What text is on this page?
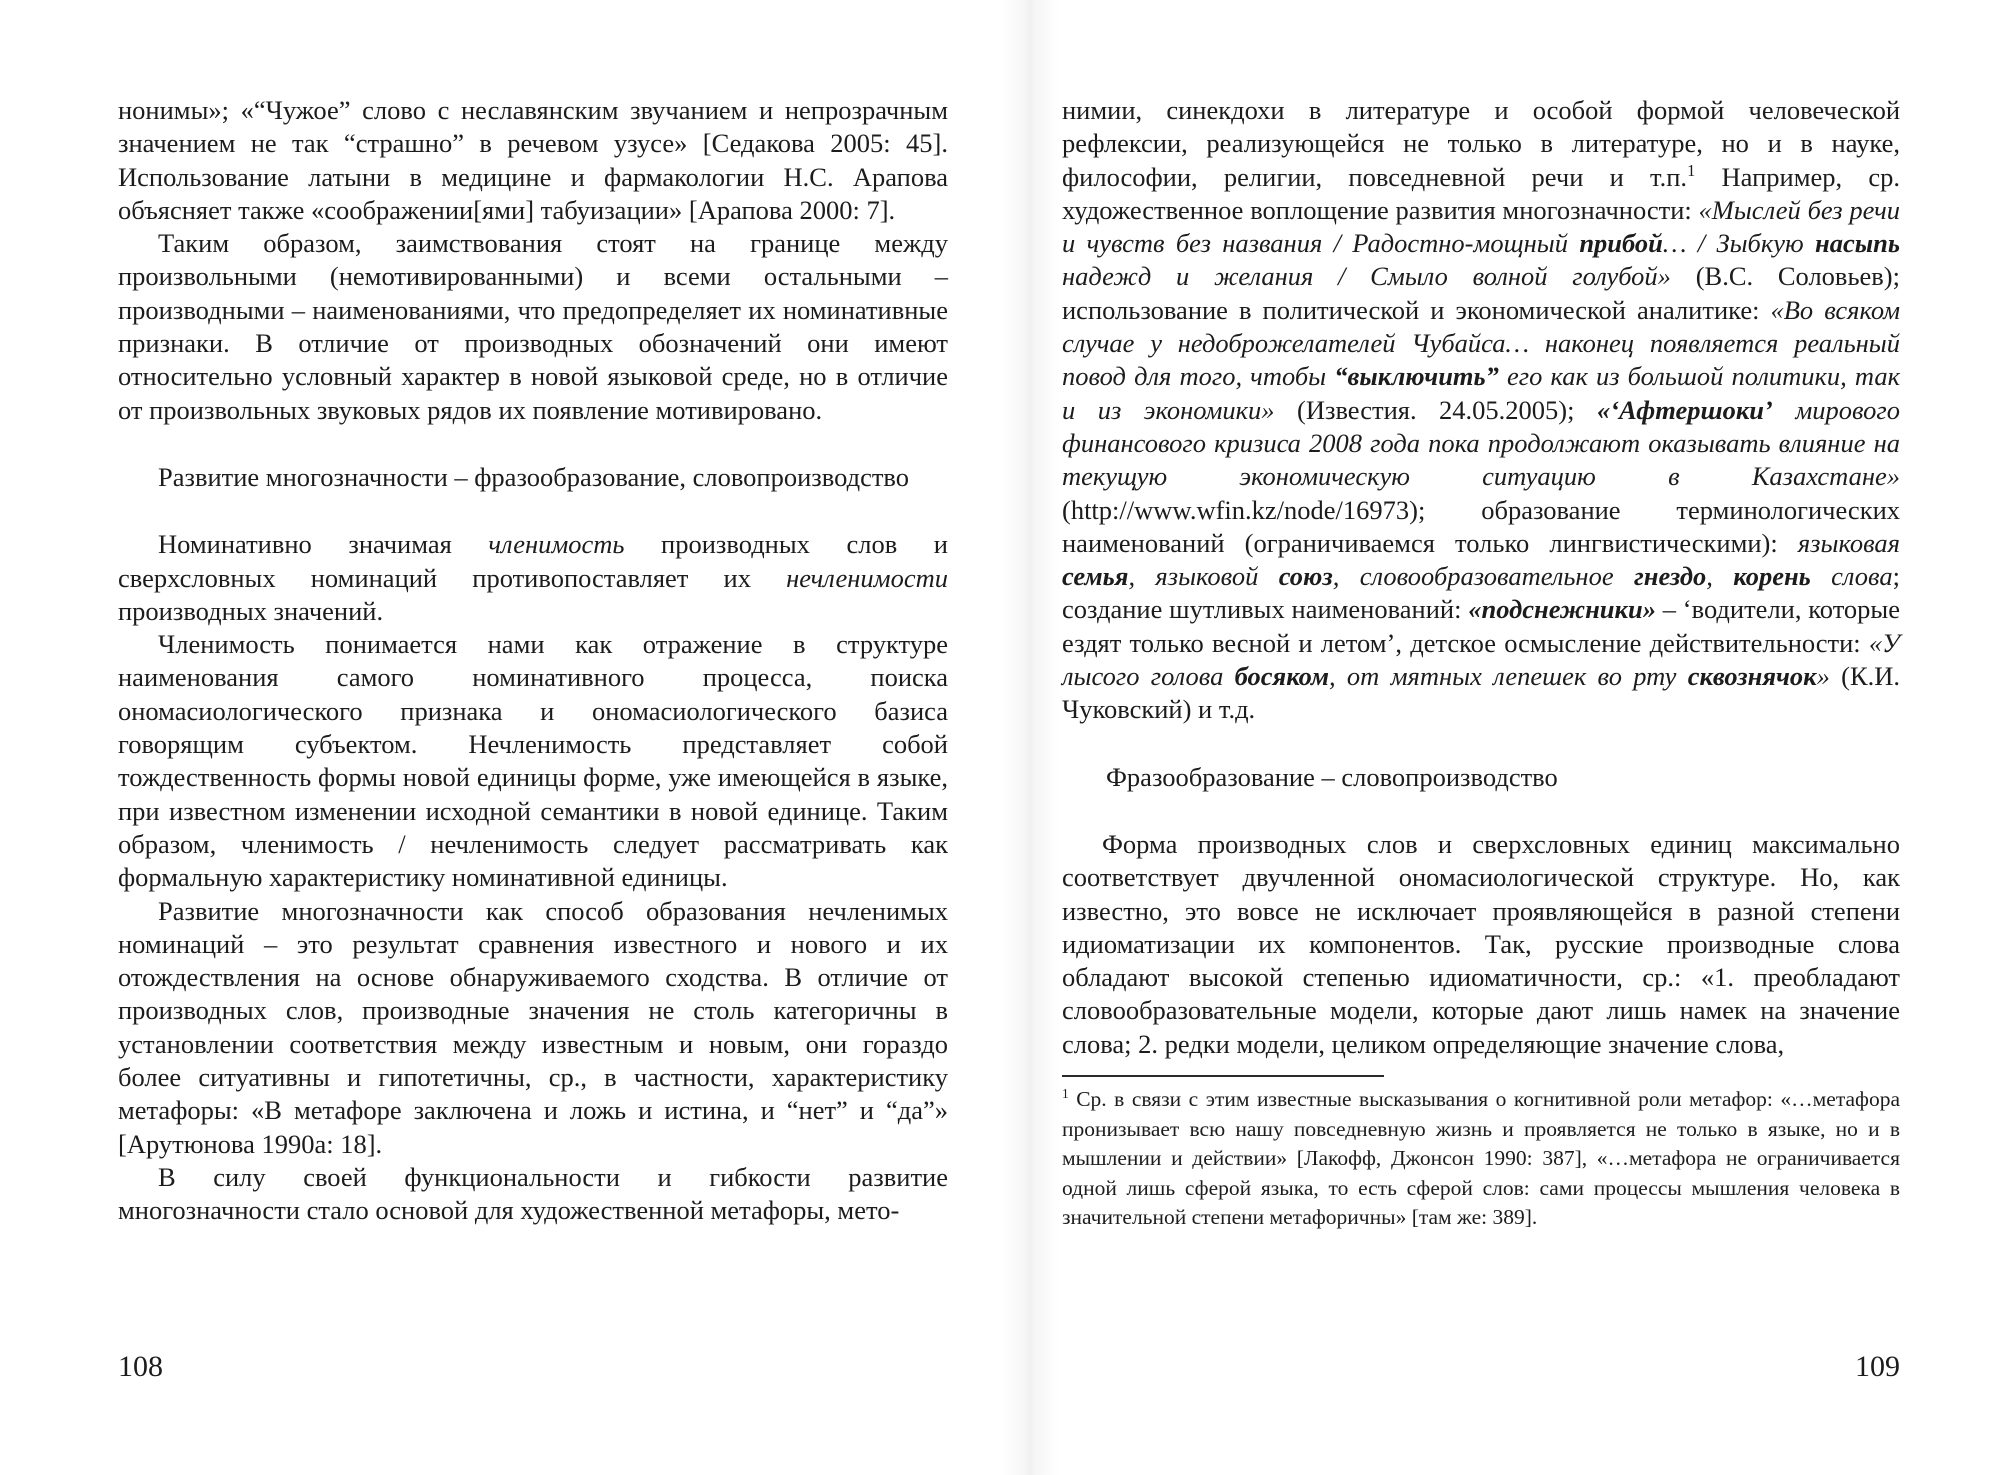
нонимы»; «“Чужое” слово с неславянским звучанием и непрозрачным значением не так “страшно” в речевом узусе» [Седакова 2005: 45]. Использование латыни в медицине и фармакологии Н.С. Арапова объясняет также «соображении[ями] табуизации» [Арапова 2000: 7].

Таким образом, заимствования стоят на границе между произвольными (немотивированными) и всеми остальными – производными – наименованиями, что предопределяет их номинативные признаки. В отличие от производных обозначений они имеют относительно условный характер в новой языковой среде, но в отличие от произвольных звуковых рядов их появление мотивировано.

Развитие многозначности – фразообразование, словопроизводство

Номинативно значимая членимость производных слов и сверхсловных номинаций противопоставляет их нечленимости производных значений.

Членимость понимается нами как отражение в структуре наименования самого номинативного процесса, поиска ономасиологического признака и ономасиологического базиса говорящим субъектом. Нечленимость представляет собой тождественность формы новой единицы форме, уже имеющейся в языке, при известном изменении исходной семантики в новой единице. Таким образом, членимость / нечленимость следует рассматривать как формальную характеристику номинативной единицы.

Развитие многозначности как способ образования нечленимых номинаций – это результат сравнения известного и нового и их отождествления на основе обнаруживаемого сходства. В отличие от производных слов, производные значения не столь категоричны в установлении соответствия между известным и новым, они гораздо более ситуативны и гипотетичны, ср., в частности, характеристику метафоры: «В метафоре заключена и ложь и истина, и “нет” и “да”» [Арутюнова 1990а: 18].

В силу своей функциональности и гибкости развитие многозначности стало основой для художественной метафоры, мето-

108

нимии, синекдохи в литературе и особой формой человеческой рефлексии, реализующейся не только в литературе, но и в науке, философии, религии, повседневной речи и т.п.$^1$ Например, ср. художественное воплощение развития многозначности: «Мыслей без речи и чувств без названия / Радостно-мощный прибой… / Зыбкую насыпь надежд и желания / Смыло волной голубой» (В.С. Соловьев); использование в политической и экономической аналитике: «Во всяком случае у недоброжелателей Чубайса… наконец появляется реальный повод для того, чтобы “выключить” его как из большой политики, так и из экономики» (Известия. 24.05.2005); «‘Афтершоки’ мирового финансового кризиса 2008 года пока продолжают оказывать влияние на текущую экономическую ситуацию в Казахстане» (http://www.wfin.kz/node/16973); образование терминологических наименований (ограничиваемся только лингвистическими): языковая семья, языковой союз, словообразовательное гнездо, корень слова; создание шутливых наименований: «подснежники» – ‘водители, которые ездят только весной и летом’, детское осмысление действительности: «У лысого голова босяком, от мятных лепешек во рту сквознячок» (К.И. Чуковский) и т.д.

Фразообразование – словопроизводство

Форма производных слов и сверхсловных единиц максимально соответствует двучленной ономасиологической структуре. Но, как известно, это вовсе не исключает проявляющейся в разной степени идиоматизации их компонентов. Так, русские производные слова обладают высокой степенью идиоматичности, ср.: «1. преобладают словообразовательные модели, которые дают лишь намек на значение слова; 2. редки модели, целиком определяющие значение слова,

$^1$ Ср. в связи с этим известные высказывания о когнитивной роли метафор: «…метафора пронизывает всю нашу повседневную жизнь и проявляется не только в языке, но и в мышлении и действии» [Лакофф, Джонсон 1990: 387], «…метафора не ограничивается одной лишь сферой языка, то есть сферой слов: сами процессы мышления человека в значительной степени метафоричны» [там же: 389].

109
